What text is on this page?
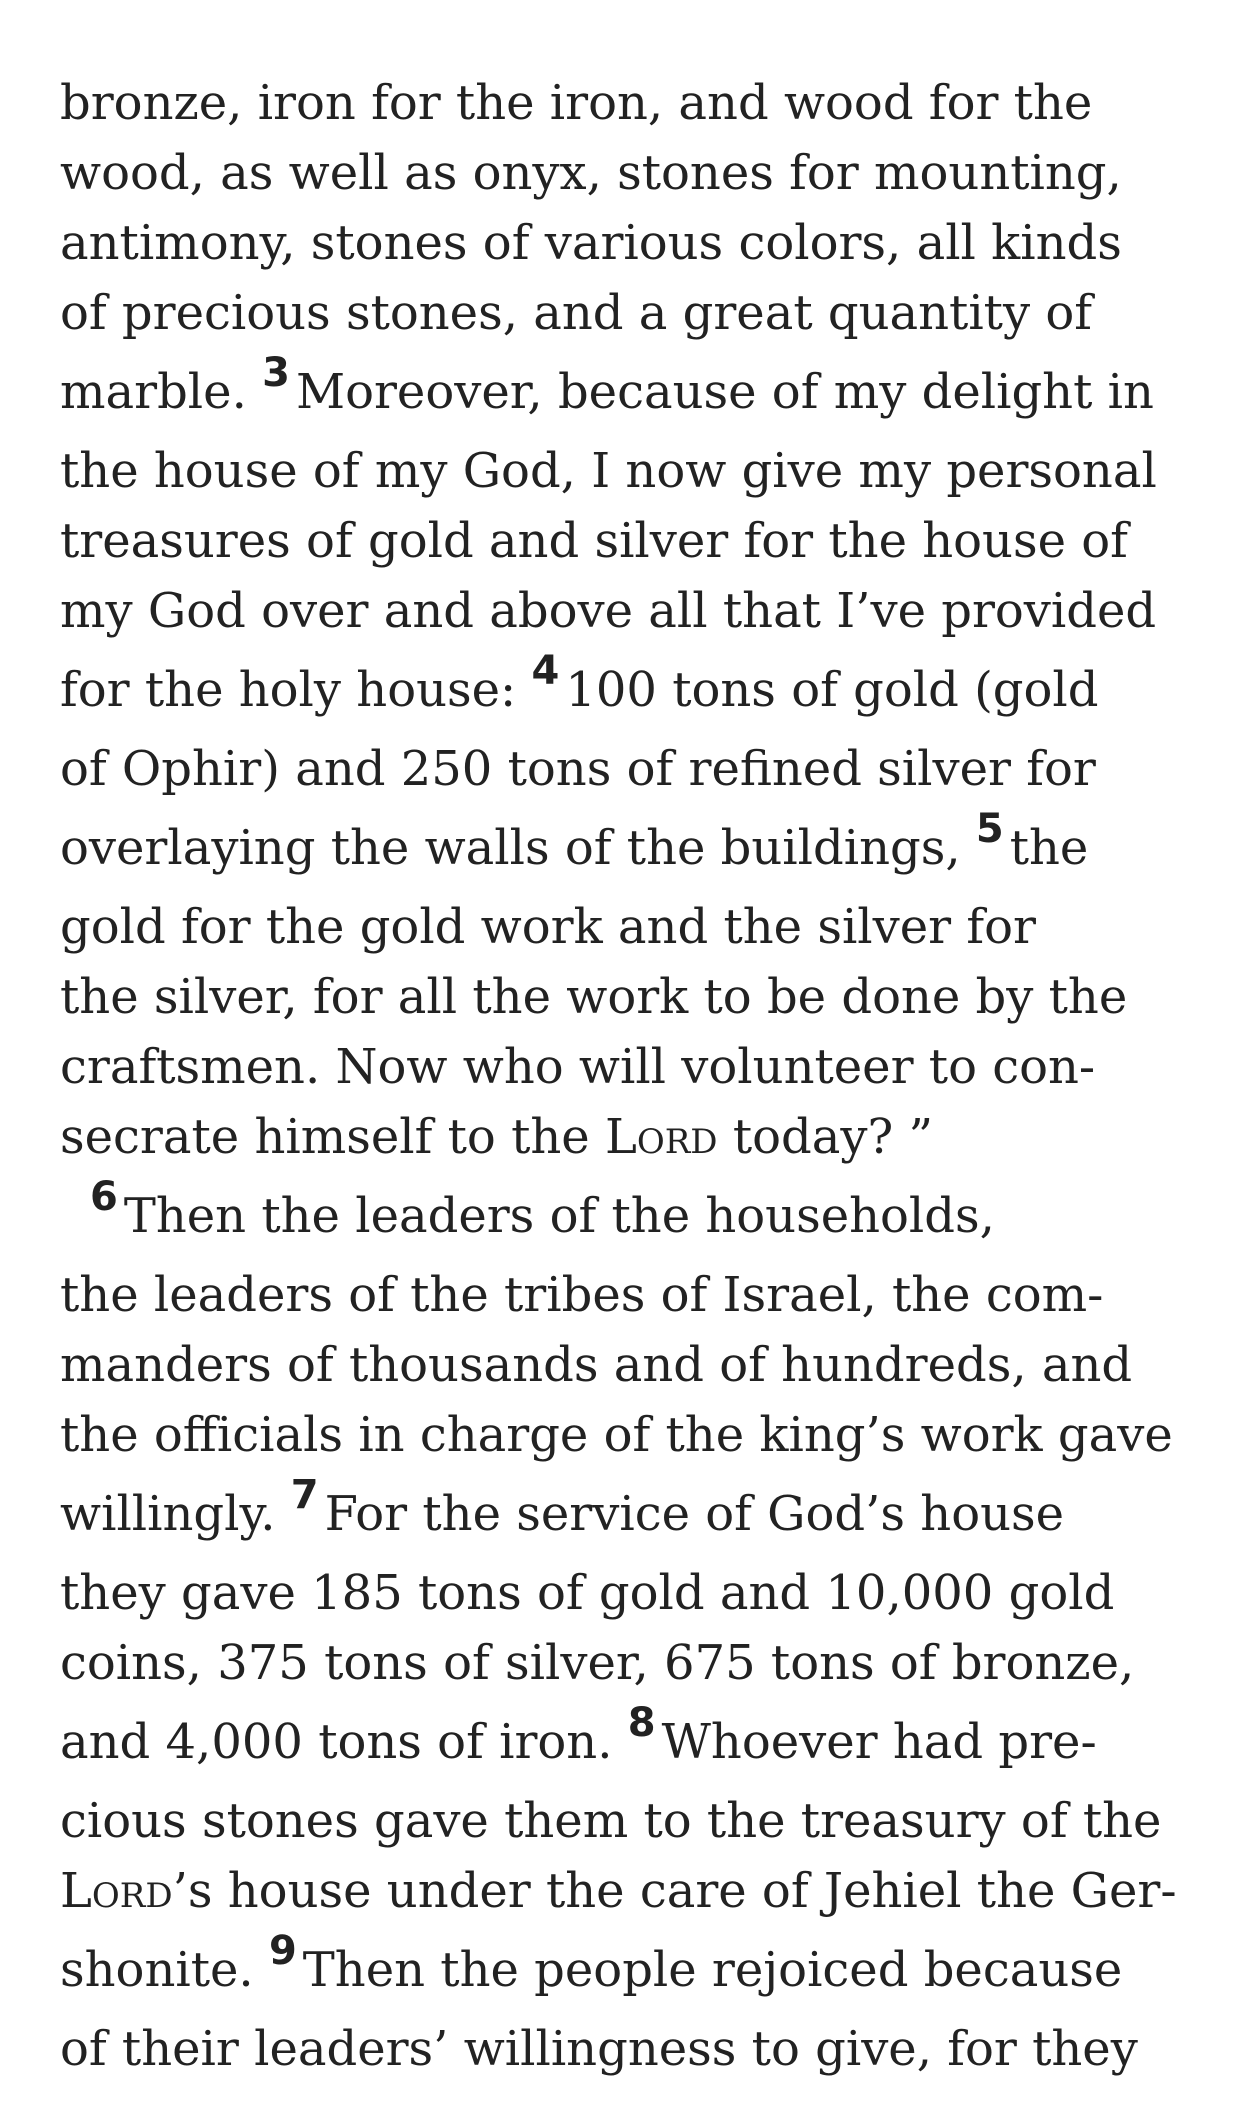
bronze, iron for the iron, and wood for the
wood, as well as onyx, stones for mounting,
antimony, stones of various colors, all kinds
of precious stones, and a great quantity of
marble. $^3$ Moreover, because of my delight in
the house of my God, I now give my personal
treasures of gold and silver for the house of
my God over and above all that I’ve provided
for the holy house: $^4$ 100 tons of gold (gold
of Ophir) and 250 tons of refined silver for
overlaying the walls of the buildings, $^5$ the
gold for the gold work and the silver for
the silver, for all the work to be done by the
craftsmen. Now who will volunteer to con-
secrate himself to the Lord today? ”
$^6$ Then the leaders of the households,
the leaders of the tribes of Israel, the com-
manders of thousands and of hundreds, and
the officials in charge of the king’s work gave
willingly. $^7$ For the service of God’s house
they gave 185 tons of gold and 10,000 gold
coins, 375 tons of silver, 675 tons of bronze,
and 4,000 tons of iron. $^8$ Whoever had pre-
cious stones gave them to the treasury of the
Lord’s house under the care of Jehiel the Ger-
shonite. $^9$ Then the people rejoiced because
of their leaders’ willingness to give, for they
